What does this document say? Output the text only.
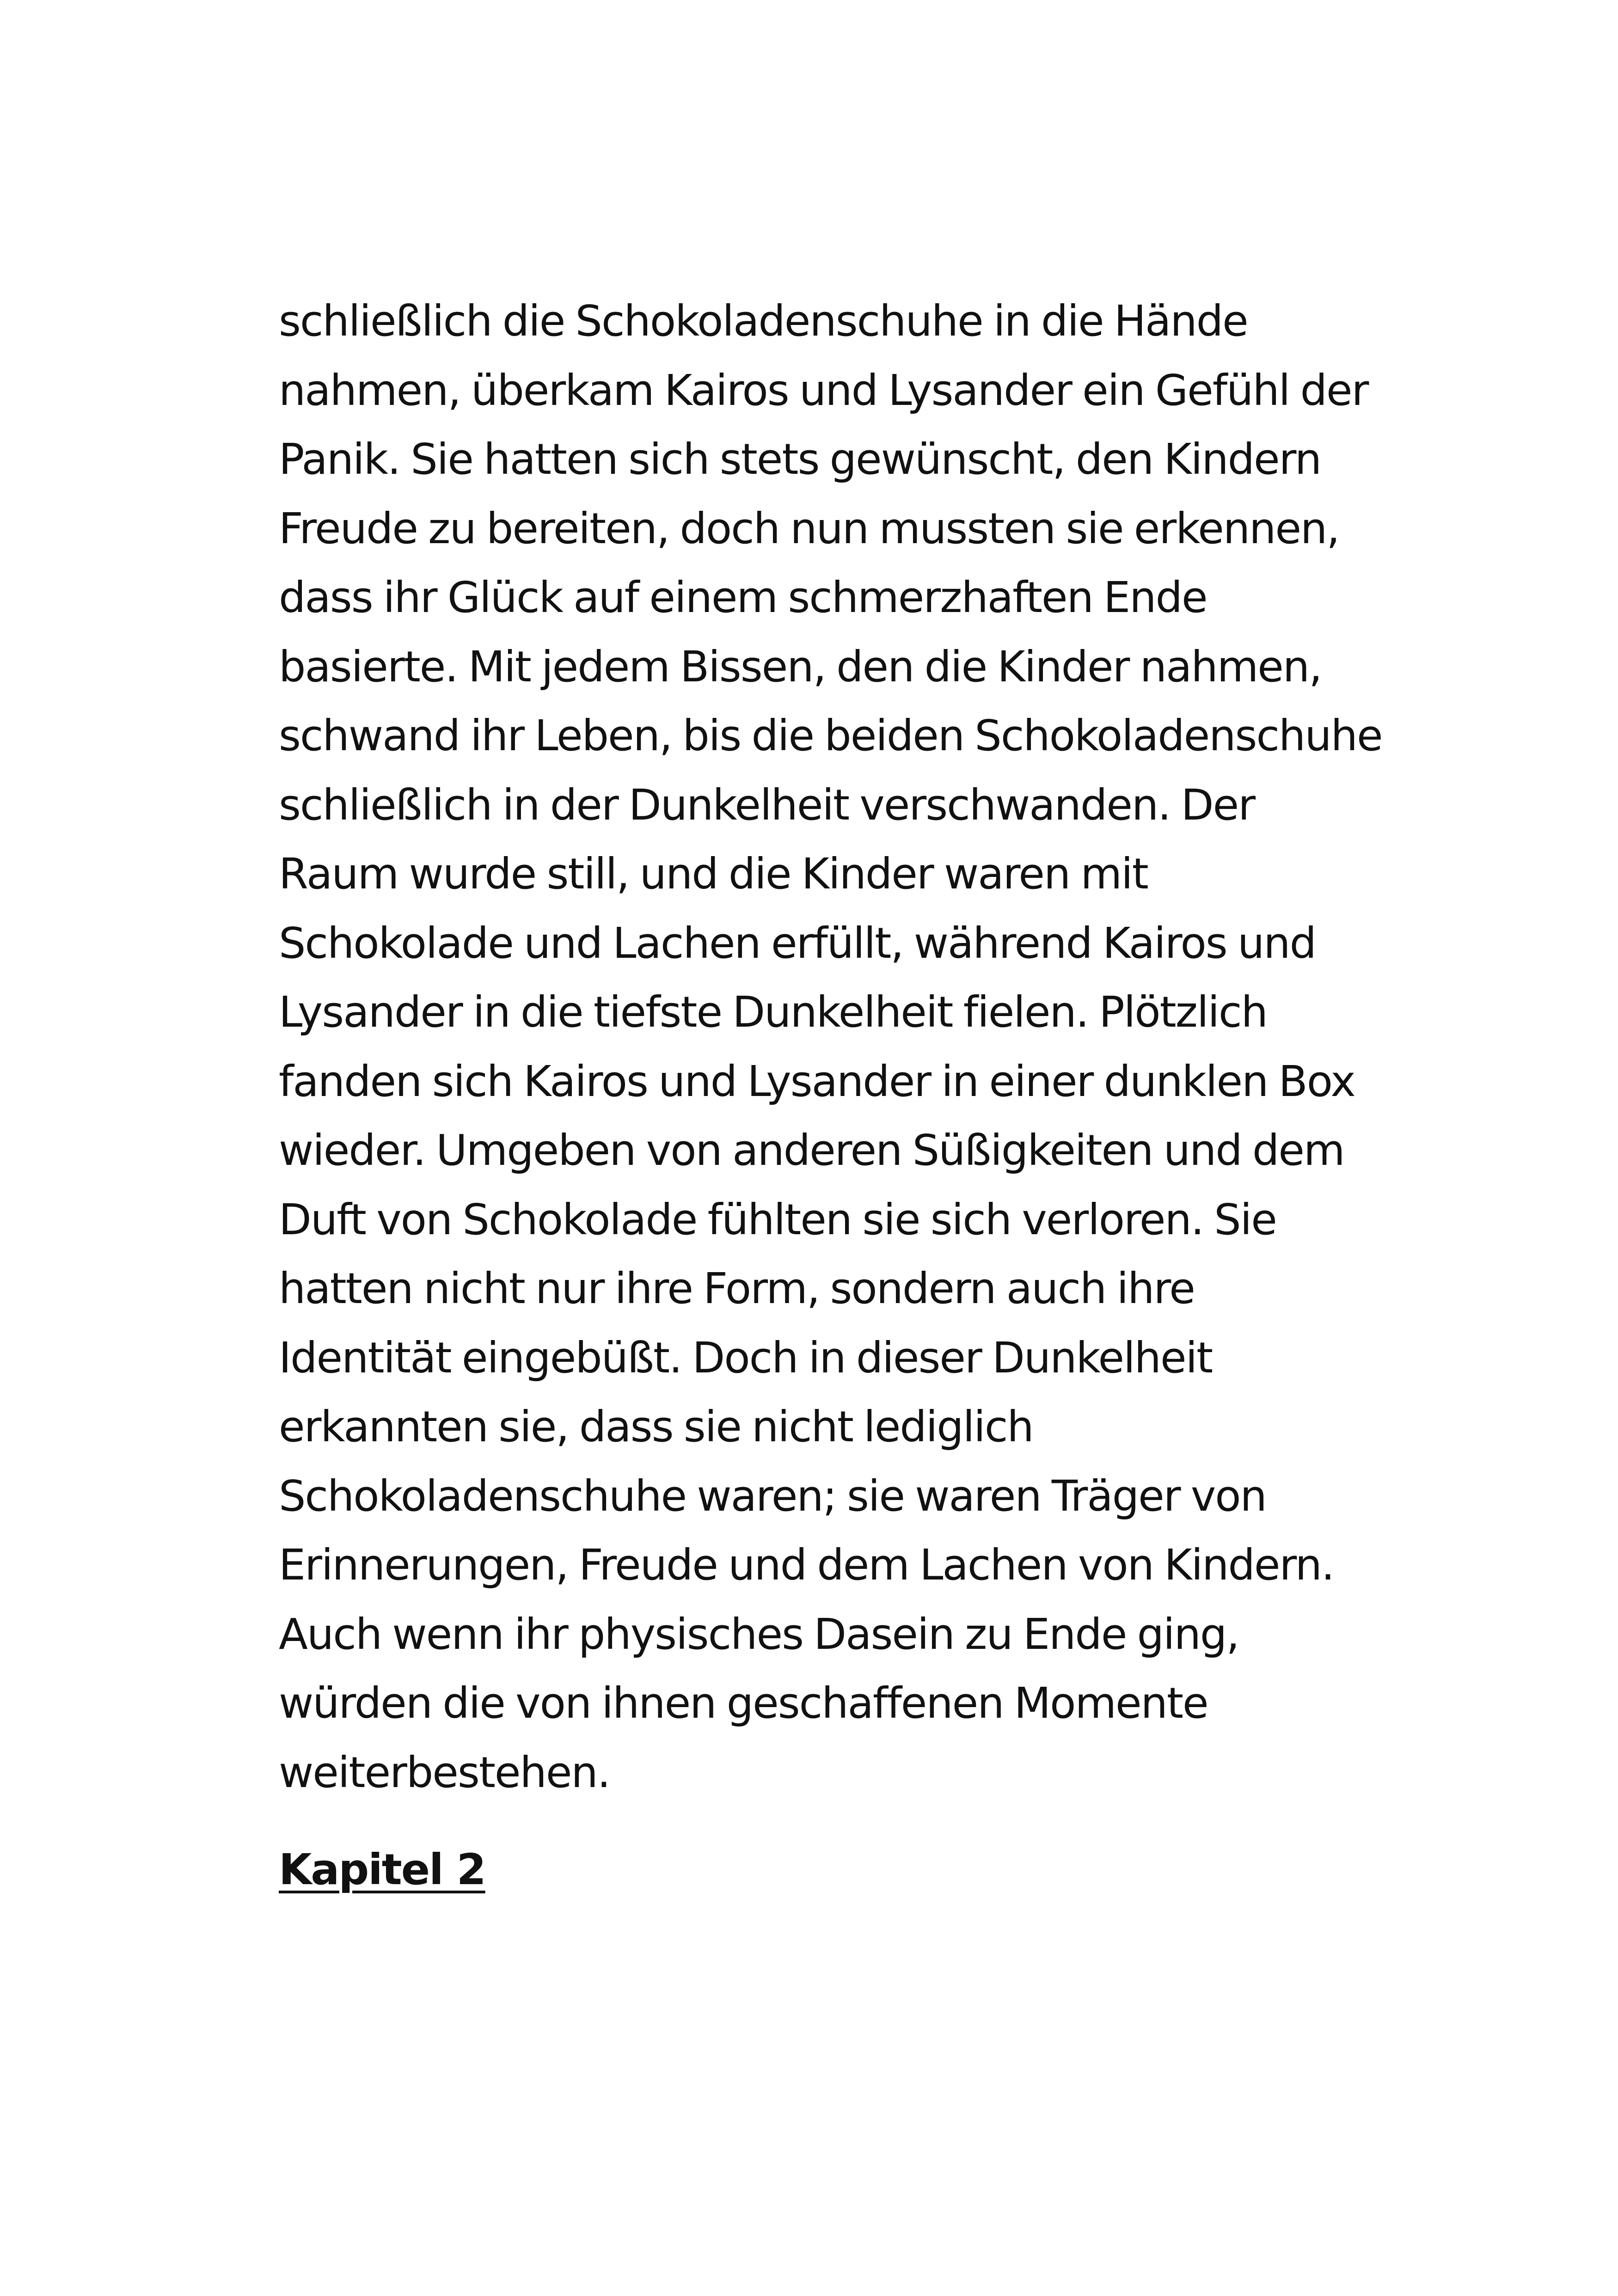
schließlich die Schokoladenschuhe in die Hände
nahmen, überkam Kairos und Lysander ein Gefühl der
Panik. Sie hatten sich stets gewünscht, den Kindern
Freude zu bereiten, doch nun mussten sie erkennen,
dass ihr Glück auf einem schmerzhaften Ende
basierte. Mit jedem Bissen, den die Kinder nahmen,
schwand ihr Leben, bis die beiden Schokoladenschuhe
schließlich in der Dunkelheit verschwanden. Der
Raum wurde still, und die Kinder waren mit
Schokolade und Lachen erfüllt, während Kairos und
Lysander in die tiefste Dunkelheit fielen. Plötzlich
fanden sich Kairos und Lysander in einer dunklen Box
wieder. Umgeben von anderen Süßigkeiten und dem
Duft von Schokolade fühlten sie sich verloren. Sie
hatten nicht nur ihre Form, sondern auch ihre
Identität eingebüßt. Doch in dieser Dunkelheit
erkannten sie, dass sie nicht lediglich
Schokoladenschuhe waren; sie waren Träger von
Erinnerungen, Freude und dem Lachen von Kindern.
Auch wenn ihr physisches Dasein zu Ende ging,
würden die von ihnen geschaffenen Momente
weiterbestehen.
Kapitel 2
